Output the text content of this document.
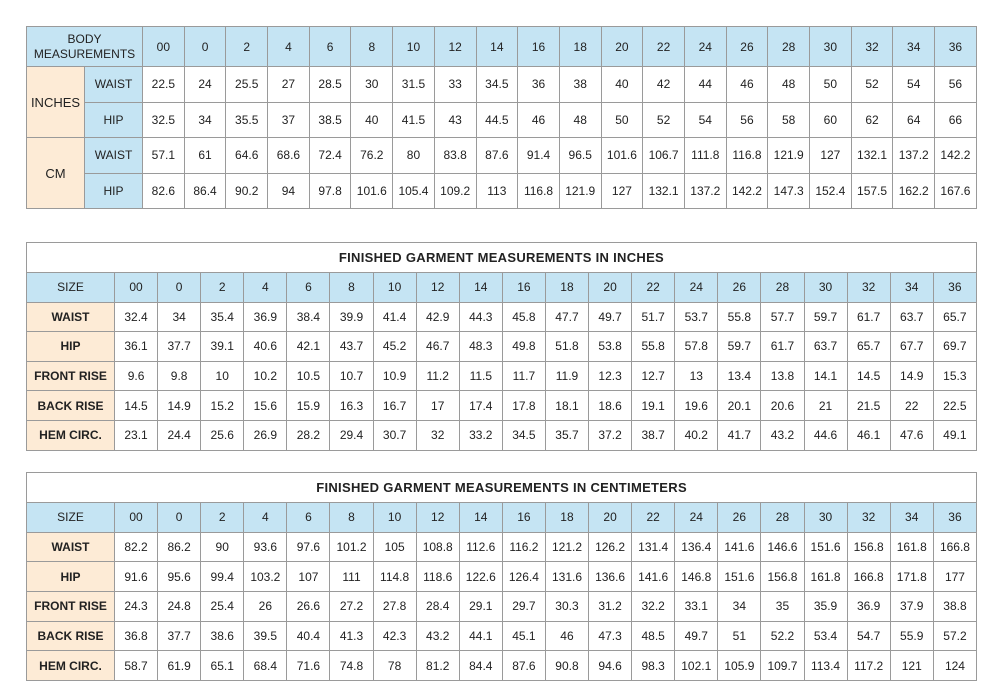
BODY MEASUREMENTS		00	0	2	4	6	8	10	12	14	16	18	20	22	24	26	28	30	32	34	36
INCHES	WAIST	22.5	24	25.5	27	28.5	30	31.5	33	34.5	36	38	40	42	44	46	48	50	52	54	56
	HIP	32.5	34	35.5	37	38.5	40	41.5	43	44.5	46	48	50	52	54	56	58	60	62	64	66
CM	WAIST	57.1	61	64.6	68.6	72.4	76.2	80	83.8	87.6	91.4	96.5	101.6	106.7	111.8	116.8	121.9	127	132.1	137.2	142.2
	HIP	82.6	86.4	90.2	94	97.8	101.6	105.4	109.2	113	116.8	121.9	127	132.1	137.2	142.2	147.3	152.4	157.5	162.2	167.6
FINISHED GARMENT MEASUREMENTS IN INCHES																				
SIZE	00	0	2	4	6	8	10	12	14	16	18	20	22	24	26	28	30	32	34	36
WAIST	32.4	34	35.4	36.9	38.4	39.9	41.4	42.9	44.3	45.8	47.7	49.7	51.7	53.7	55.8	57.7	59.7	61.7	63.7	65.7
HIP	36.1	37.7	39.1	40.6	42.1	43.7	45.2	46.7	48.3	49.8	51.8	53.8	55.8	57.8	59.7	61.7	63.7	65.7	67.7	69.7
FRONT RISE	9.6	9.8	10	10.2	10.5	10.7	10.9	11.2	11.5	11.7	11.9	12.3	12.7	13	13.4	13.8	14.1	14.5	14.9	15.3
BACK RISE	14.5	14.9	15.2	15.6	15.9	16.3	16.7	17	17.4	17.8	18.1	18.6	19.1	19.6	20.1	20.6	21	21.5	22	22.5
HEM CIRC.	23.1	24.4	25.6	26.9	28.2	29.4	30.7	32	33.2	34.5	35.7	37.2	38.7	40.2	41.7	43.2	44.6	46.1	47.6	49.1
FINISHED GARMENT MEASUREMENTS IN CENTIMETERS																				
SIZE	00	0	2	4	6	8	10	12	14	16	18	20	22	24	26	28	30	32	34	36
WAIST	82.2	86.2	90	93.6	97.6	101.2	105	108.8	112.6	116.2	121.2	126.2	131.4	136.4	141.6	146.6	151.6	156.8	161.8	166.8
HIP	91.6	95.6	99.4	103.2	107	111	114.8	118.6	122.6	126.4	131.6	136.6	141.6	146.8	151.6	156.8	161.8	166.8	171.8	177
FRONT RISE	24.3	24.8	25.4	26	26.6	27.2	27.8	28.4	29.1	29.7	30.3	31.2	32.2	33.1	34	35	35.9	36.9	37.9	38.8
BACK RISE	36.8	37.7	38.6	39.5	40.4	41.3	42.3	43.2	44.1	45.1	46	47.3	48.5	49.7	51	52.2	53.4	54.7	55.9	57.2
HEM CIRC.	58.7	61.9	65.1	68.4	71.6	74.8	78	81.2	84.4	87.6	90.8	94.6	98.3	102.1	105.9	109.7	113.4	117.2	121	124
